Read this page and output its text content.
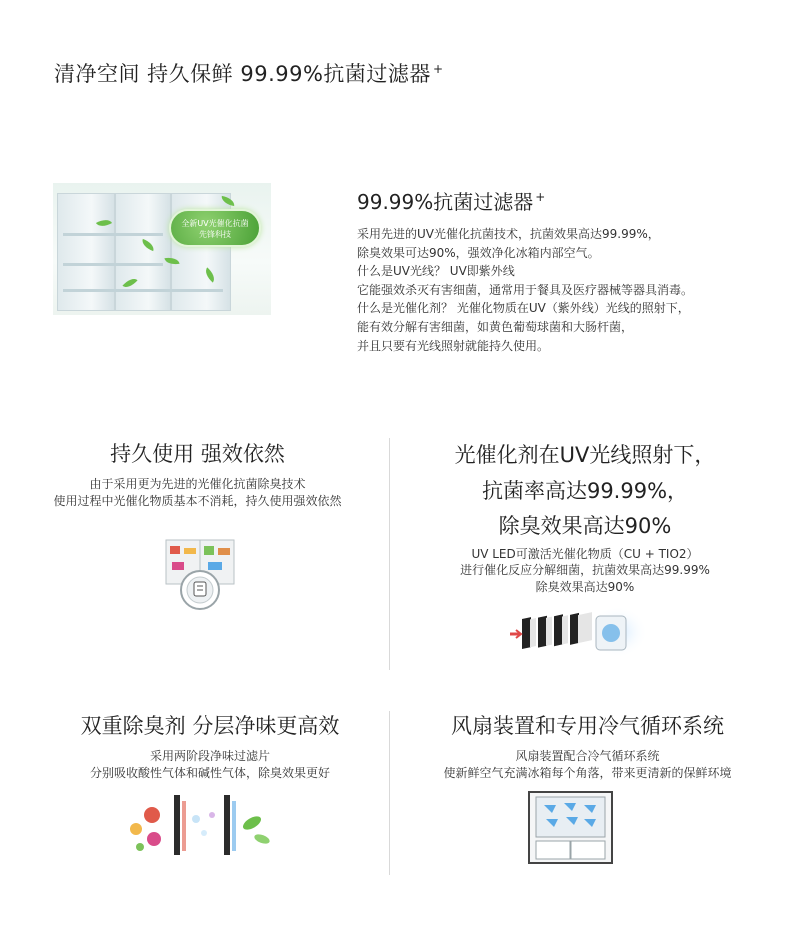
清净空间 持久保鲜 99.99%抗菌过滤器 +
全新UV光催化抗菌
先锋科技
99.99%抗菌过滤器 +

采用先进的UV光催化抗菌技术，抗菌效果高达99.99%，

除臭效果可达90%，强效净化冰箱内部空气。

什么是UV光线？ UV即紫外线

它能强效杀灭有害细菌，通常用于餐具及医疗器械等器具消毒。

什么是光催化剂？ 光催化物质在UV（紫外线）光线的照射下，

能有效分解有害细菌，如黄色葡萄球菌和大肠杆菌，

并且只要有光线照射就能持久使用。

持久使用 强效依然
由于采用更为先进的光催化抗菌除臭技术
使用过程中光催化物质基本不消耗，持久使用强效依然
光催化剂在UV光线照射下，
抗菌率高达99.99%，
除臭效果高达90%
UV LED可激活光催化物质（CU + TIO2）
进行催化反应分解细菌，抗菌效果高达99.99%
除臭效果高达90%
双重除臭剂 分层净味更高效
采用两阶段净味过滤片
分别吸收酸性气体和碱性气体，除臭效果更好
风扇装置和专用冷气循环系统
风扇装置配合冷气循环系统
使新鲜空气充满冰箱每个角落，带来更清新的保鲜环境
